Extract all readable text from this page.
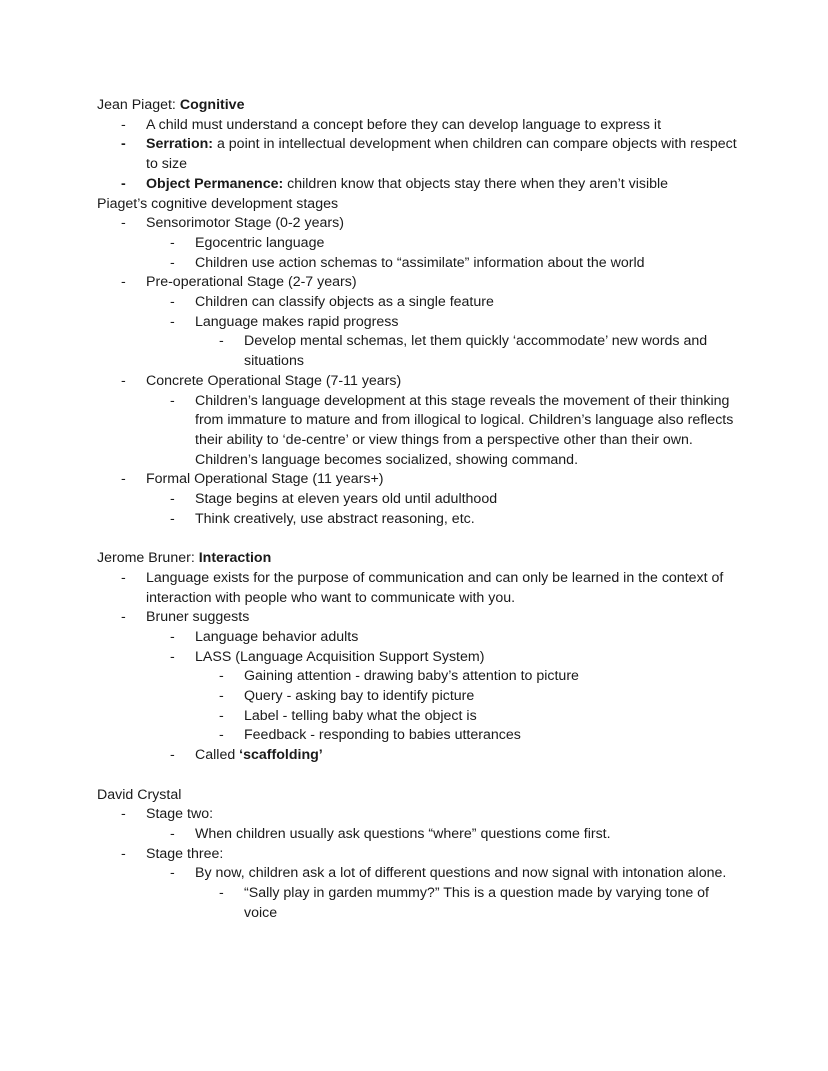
Jean Piaget: Cognitive
-	A child must understand a concept before they can develop language to express it
-	Serration: a point in intellectual development when children can compare objects with respect to size
-	Object Permanence: children know that objects stay there when they aren’t visible
Piaget’s cognitive development stages
-	Sensorimotor Stage (0-2 years)
-	Egocentric language
-	Children use action schemas to “assimilate” information about the world
-	Pre-operational Stage (2-7 years)
-	Children can classify objects as a single feature
-	Language makes rapid progress
-	Develop mental schemas, let them quickly ‘accommodate’ new words and situations
-	Concrete Operational Stage (7-11 years)
-	Children’s language development at this stage reveals the movement of their thinking from immature to mature and from illogical to logical. Children’s language also reflects their ability to ‘de-centre’ or view things from a perspective other than their own. Children’s language becomes socialized, showing command.
-	Formal Operational Stage (11 years+)
-	Stage begins at eleven years old until adulthood
-	Think creatively, use abstract reasoning, etc.
Jerome Bruner: Interaction
-	Language exists for the purpose of communication and can only be learned in the context of interaction with people who want to communicate with you.
-	Bruner suggests
-	Language behavior adults
-	LASS (Language Acquisition Support System)
-	Gaining attention - drawing baby’s attention to picture
-	Query - asking bay to identify picture
-	Label - telling baby what the object is
-	Feedback - responding to babies utterances
-	Called ‘scaffolding’
David Crystal
-	Stage two:
-	When children usually ask questions “where” questions come first.
-	Stage three:
-	By now, children ask a lot of different questions and now signal with intonation alone.
-	“Sally play in garden mummy?” This is a question made by varying tone of voice
